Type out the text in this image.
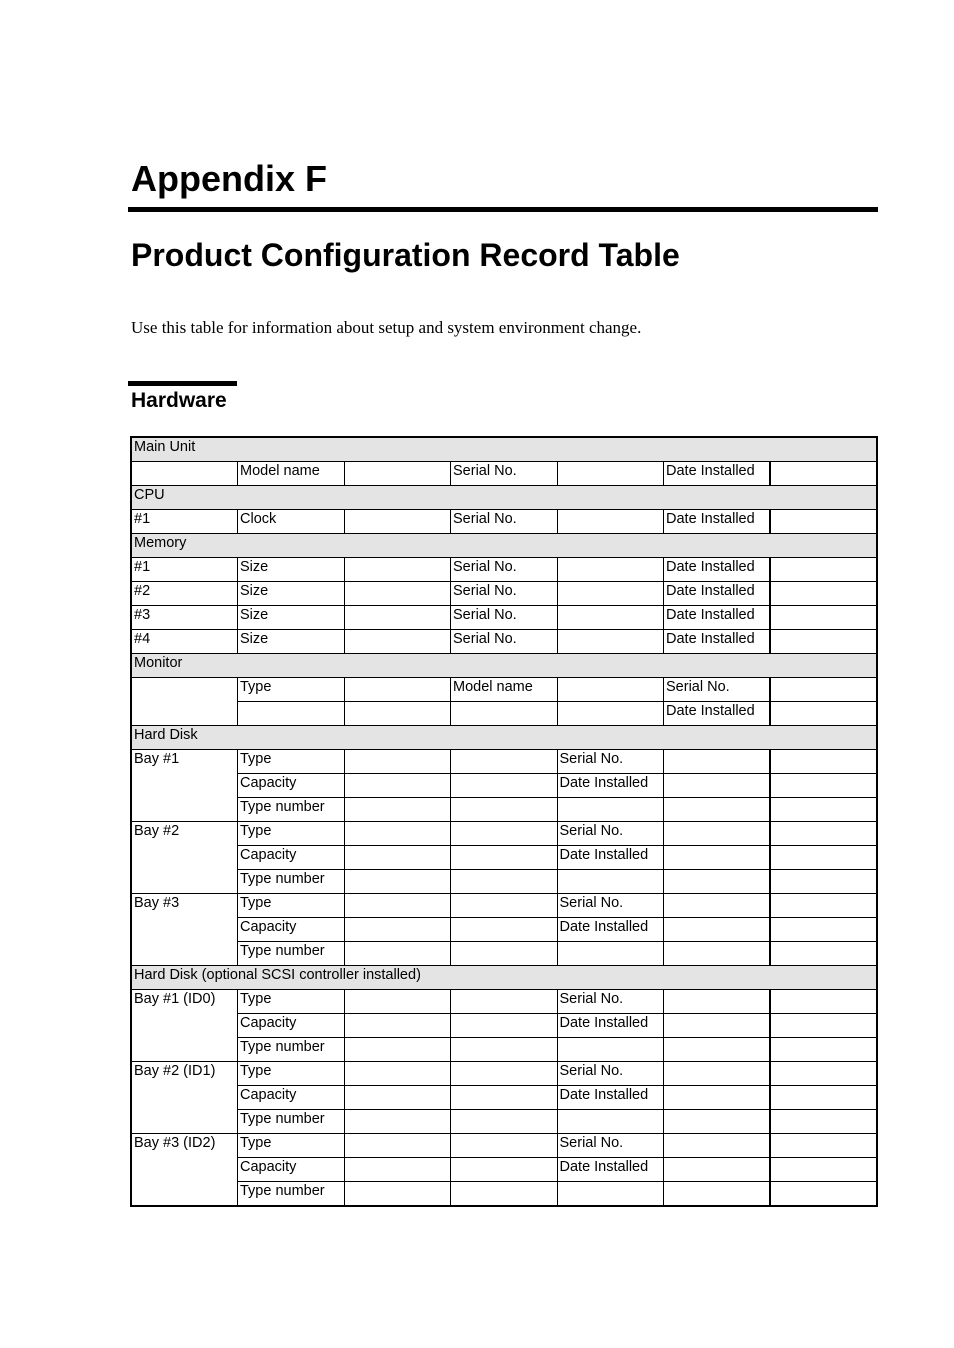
Appendix F
Product Configuration Record Table

Use this table for information about setup and system environment change.

Hardware
Main Unit						
	Model name		Serial No.		Date Installed	
CPU						
#1	Clock		Serial No.		Date Installed	
Memory						
#1	Size		Serial No.		Date Installed	
#2	Size		Serial No.		Date Installed	
#3	Size		Serial No.		Date Installed	
#4	Size		Serial No.		Date Installed	
Monitor						
	Type		Model name		Serial No.	
					Date Installed	
Hard Disk						
Bay #1	Type			Serial No.		
	Capacity			Date Installed		
	Type number					
Bay #2	Type			Serial No.		
	Capacity			Date Installed		
	Type number					
Bay #3	Type			Serial No.		
	Capacity			Date Installed		
	Type number					
Hard Disk (optional SCSI controller installed)						
Bay #1 (ID0)	Type			Serial No.		
	Capacity			Date Installed		
	Type number					
Bay #2 (ID1)	Type			Serial No.		
	Capacity			Date Installed		
	Type number					
Bay #3 (ID2)	Type			Serial No.		
	Capacity			Date Installed		
	Type number					
